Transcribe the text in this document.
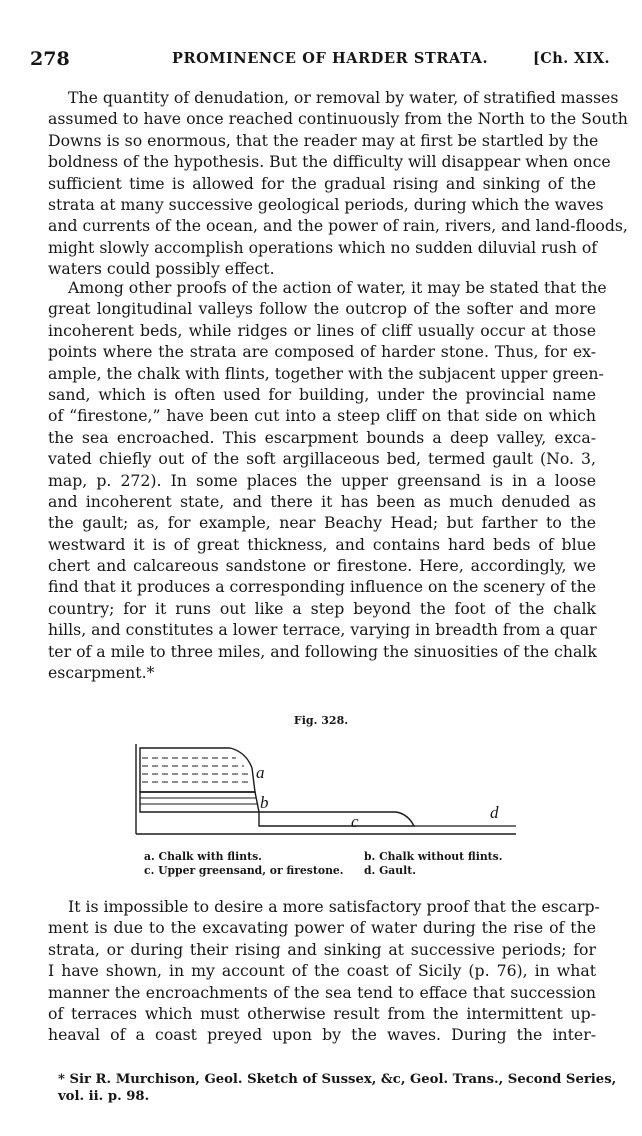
278	PROMINENCE OF HARDER STRATA.	[Ch. XIX.
The quantity of denudation, or removal by water, of stratified masses
assumed to have once reached continuously from the North to the South
Downs is so enormous, that the reader may at first be startled by the
boldness of the hypothesis. But the difficulty will disappear when once
sufficient time is allowed for the gradual rising and sinking of the
strata at many successive geological periods, during which the waves
and currents of the ocean, and the power of rain, rivers, and land-floods,
might slowly accomplish operations which no sudden diluvial rush of
waters could possibly effect.
Among other proofs of the action of water, it may be stated that the
great longitudinal valleys follow the outcrop of the softer and more
incoherent beds, while ridges or lines of cliff usually occur at those
points where the strata are composed of harder stone. Thus, for ex-
ample, the chalk with flints, together with the subjacent upper green-
sand, which is often used for building, under the provincial name
of “firestone,” have been cut into a steep cliff on that side on which
the sea encroached. This escarpment bounds a deep valley, exca-
vated chiefly out of the soft argillaceous bed, termed gault (No. 3,
map, p. 272). In some places the upper greensand is in a loose
and incoherent state, and there it has been as much denuded as
the gault; as, for example, near Beachy Head; but farther to the
westward it is of great thickness, and contains hard beds of blue
chert and calcareous sandstone or firestone. Here, accordingly, we
find that it produces a corresponding influence on the scenery of the
country; for it runs out like a step beyond the foot of the chalk
hills, and constitutes a lower terrace, varying in breadth from a quar
ter of a mile to three miles, and following the sinuosities of the chalk
escarpment.*
Fig. 328.
a
b
c	d
a. Chalk with flints.
c. Upper greensand, or firestone.
b. Chalk without flints.
d. Gault.
It is impossible to desire a more satisfactory proof that the escarp-
ment is due to the excavating power of water during the rise of the
strata, or during their rising and sinking at successive periods; for
I have shown, in my account of the coast of Sicily (p. 76), in what
manner the encroachments of the sea tend to efface that succession
of terraces which must otherwise result from the intermittent up-
heaval of a coast preyed upon by the waves. During the inter-
* Sir R. Murchison, Geol. Sketch of Sussex, &c, Geol. Trans., Second Series,
vol. ii. p. 98.
